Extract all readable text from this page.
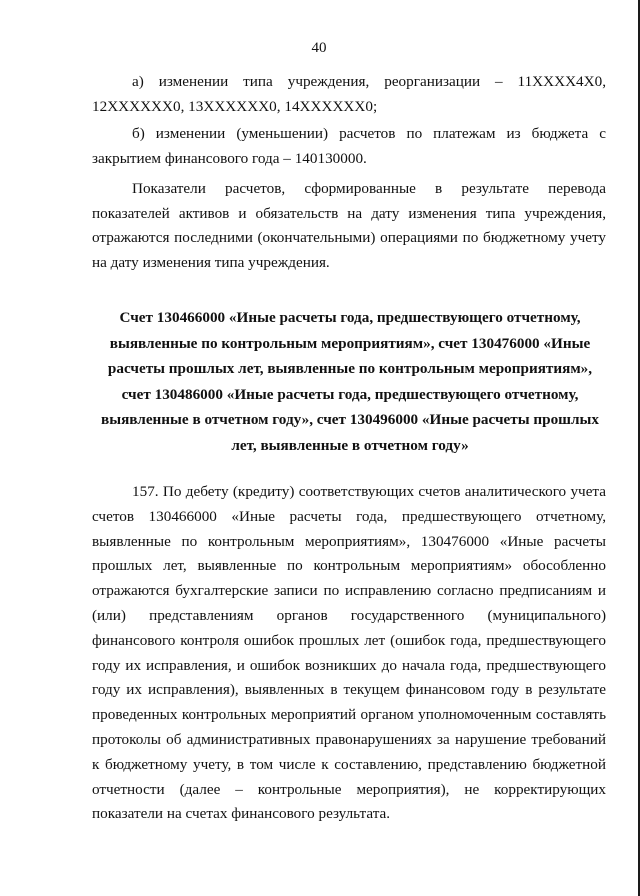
40

а) изменении типа учреждения, реорганизации – 11XXXX4X0, 12XXXXXX0, 13XXXXXX0, 14XXXXXX0;

б) изменении (уменьшении) расчетов по платежам из бюджета с закрытием финансового года – 140130000.

Показатели расчетов, сформированные в результате перевода показателей активов и обязательств на дату изменения типа учреждения, отражаются последними (окончательными) операциями по бюджетному учету на дату изменения типа учреждения.

Счет 130466000 «Иные расчеты года, предшествующего отчетному, выявленные по контрольным мероприятиям», счет 130476000 «Иные расчеты прошлых лет, выявленные по контрольным мероприятиям», счет 130486000 «Иные расчеты года, предшествующего отчетному, выявленные в отчетном году», счет 130496000 «Иные расчеты прошлых лет, выявленные в отчетном году»

157. По дебету (кредиту) соответствующих счетов аналитического учета счетов 130466000 «Иные расчеты года, предшествующего отчетному, выявленные по контрольным мероприятиям», 130476000 «Иные расчеты прошлых лет, выявленные по контрольным мероприятиям» обособленно отражаются бухгалтерские записи по исправлению согласно предписаниям и (или) представлениям органов государственного (муниципального) финансового контроля ошибок прошлых лет (ошибок года, предшествующего году их исправления, и ошибок возникших до начала года, предшествующего году их исправления), выявленных в текущем финансовом году в результате проведенных контрольных мероприятий органом уполномоченным составлять протоколы об административных правонарушениях за нарушение требований к бюджетному учету, в том числе к составлению, представлению бюджетной отчетности (далее – контрольные мероприятия), не корректирующих показатели на счетах финансового результата.
